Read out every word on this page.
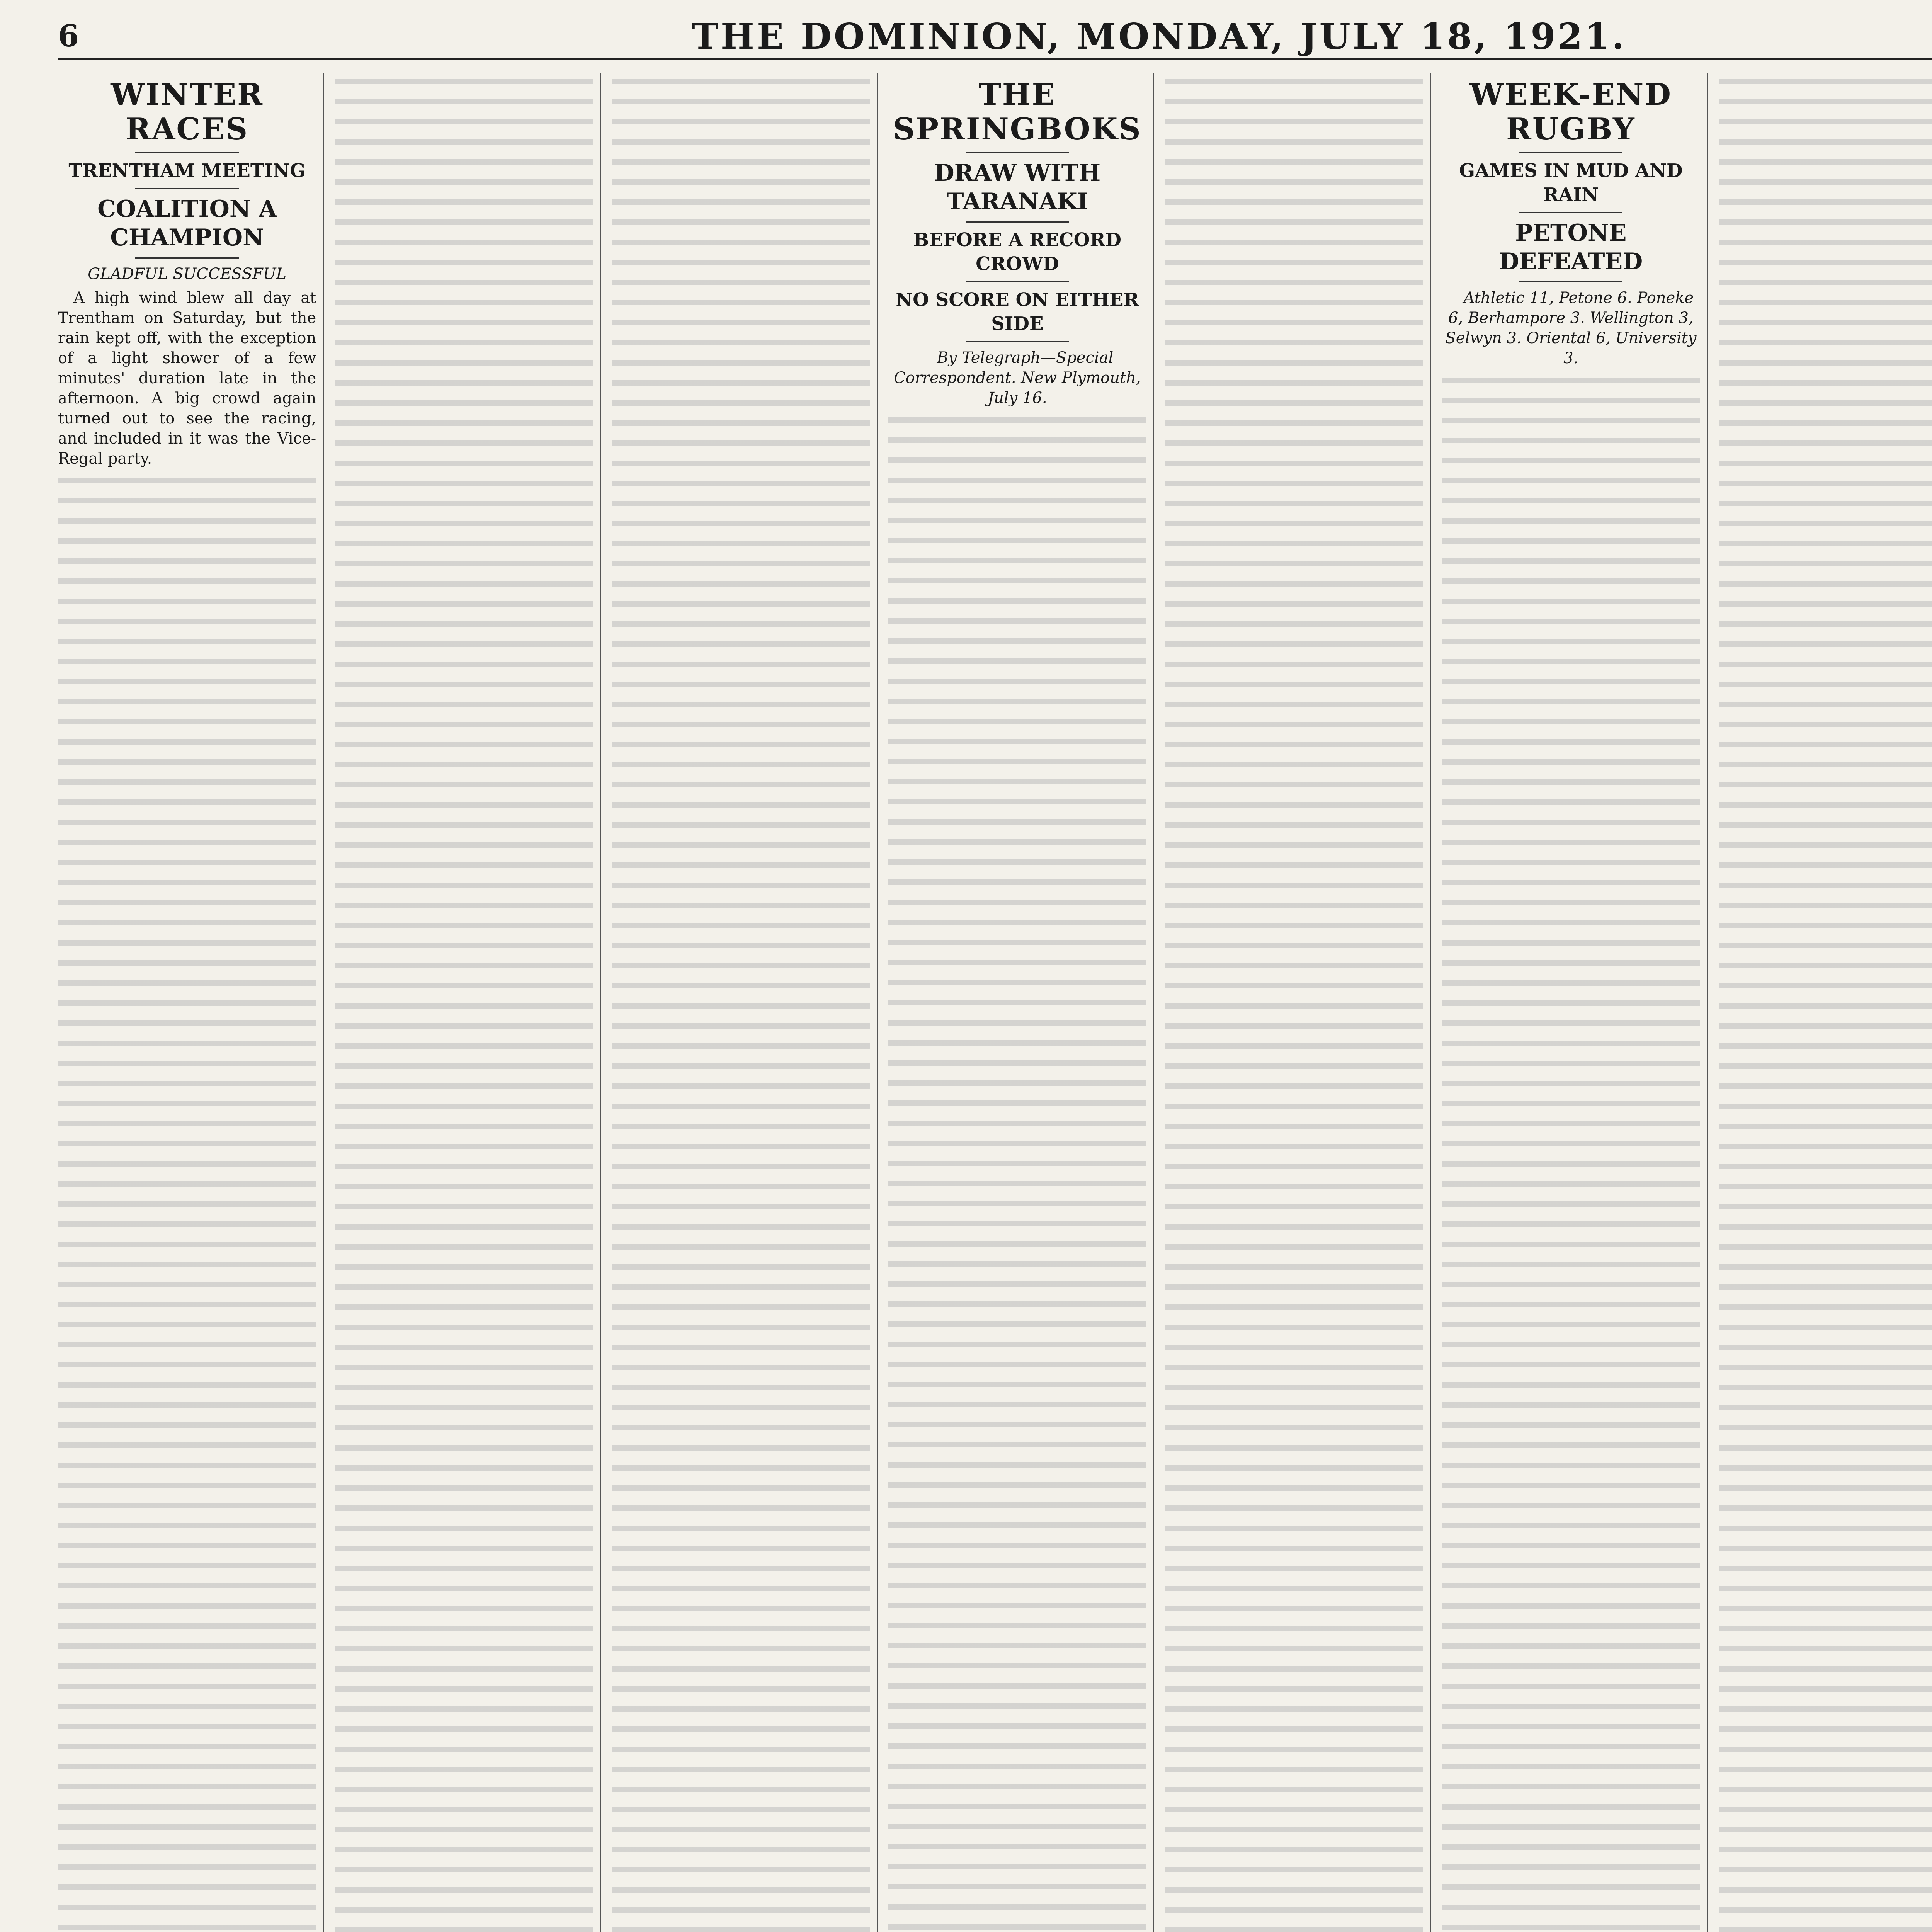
6	THE DOMINION, MONDAY, JULY 18, 1921.
WINTER RACES
TRENTHAM MEETING
COALITION A CHAMPION
GLADFUL SUCCESSFUL

A high wind blew all day at Trentham on Saturday, but the rain kept off, with the exception of a light shower of a few minutes' duration late in the afternoon. A big crowd again turned out to see the racing, and included in it was the Vice-Regal party.

THE SPRINGBOKS
DRAW WITH TARANAKI
BEFORE A RECORD CROWD
NO SCORE ON EITHER SIDE

By Telegraph—Special Correspondent. New Plymouth, July 16.

WEEK-END RUGBY
GAMES IN MUD AND RAIN
PETONE DEFEATED

Athletic 11, Petone 6. Poneke 6, Berhampore 3. Wellington 3, Selwyn 3. Oriental 6, University 3.
